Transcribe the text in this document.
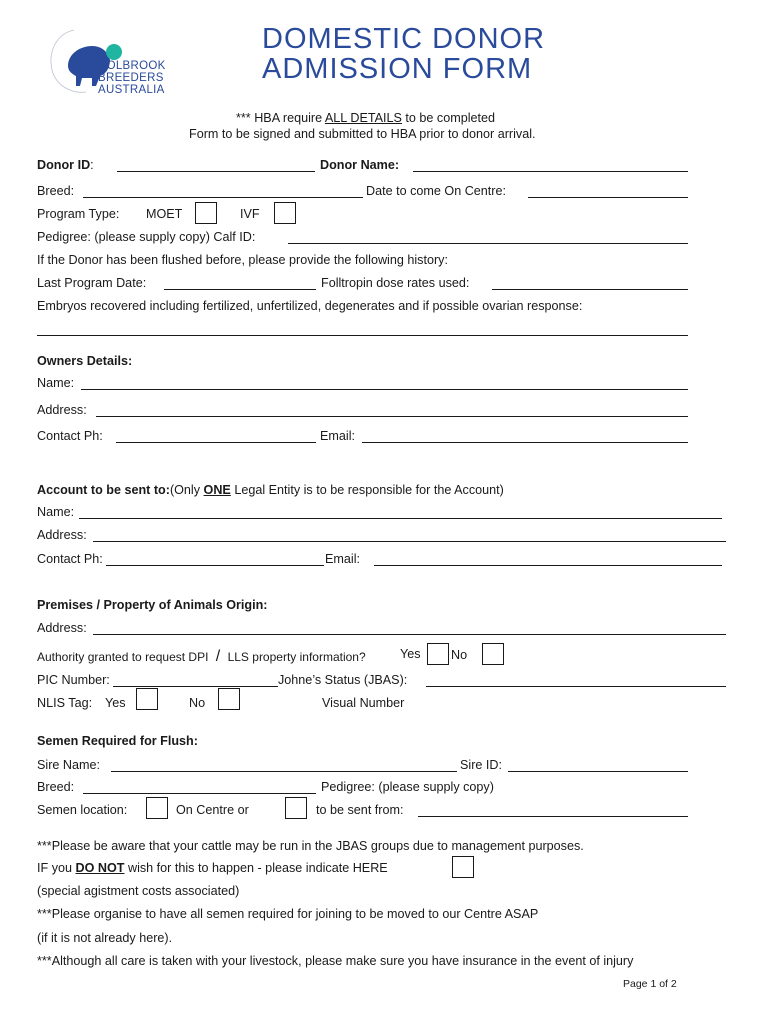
HOLBROOK
BREEDERS
AUSTRALIA
DOMESTIC DONOR
ADMISSION FORM
*** HBA require ALL DETAILS to be completed
Form to be signed and submitted to HBA prior to donor arrival.
Donor ID:	Donor Name:
Breed:	Date to come On Centre:
Program Type: MOET	IVF
Pedigree: (please supply copy) Calf ID:
If the Donor has been flushed before, please provide the following history:
Last Program Date:	Folltropin dose rates used:
Embryos recovered including fertilized, unfertilized, degenerates and if possible ovarian response:
Owners Details:
Name:
Address:
Contact Ph:	Email:
Account to be sent to:(Only ONE Legal Entity is to be responsible for the Account)
Name:
Address:
Contact Ph:	Email:
Premises / Property of Animals Origin:
Address:
Authority granted to request DPI / LLS property information?	Yes No
PIC Number:	Johne’s Status (JBAS):
NLIS Tag: Yes	No	Visual Number
Semen Required for Flush:
Sire Name:	Sire ID:
Breed:	Pedigree: (please supply copy)
Semen location:	On Centre or	to be sent from:
***Please be aware that your cattle may be run in the JBAS groups due to management purposes.
IF you DO NOT wish for this to happen - please indicate HERE
(special agistment costs associated)
***Please organise to have all semen required for joining to be moved to our Centre ASAP
(if it is not already here).
***Although all care is taken with your livestock, please make sure you have insurance in the event of injury
Page 1 of 2
